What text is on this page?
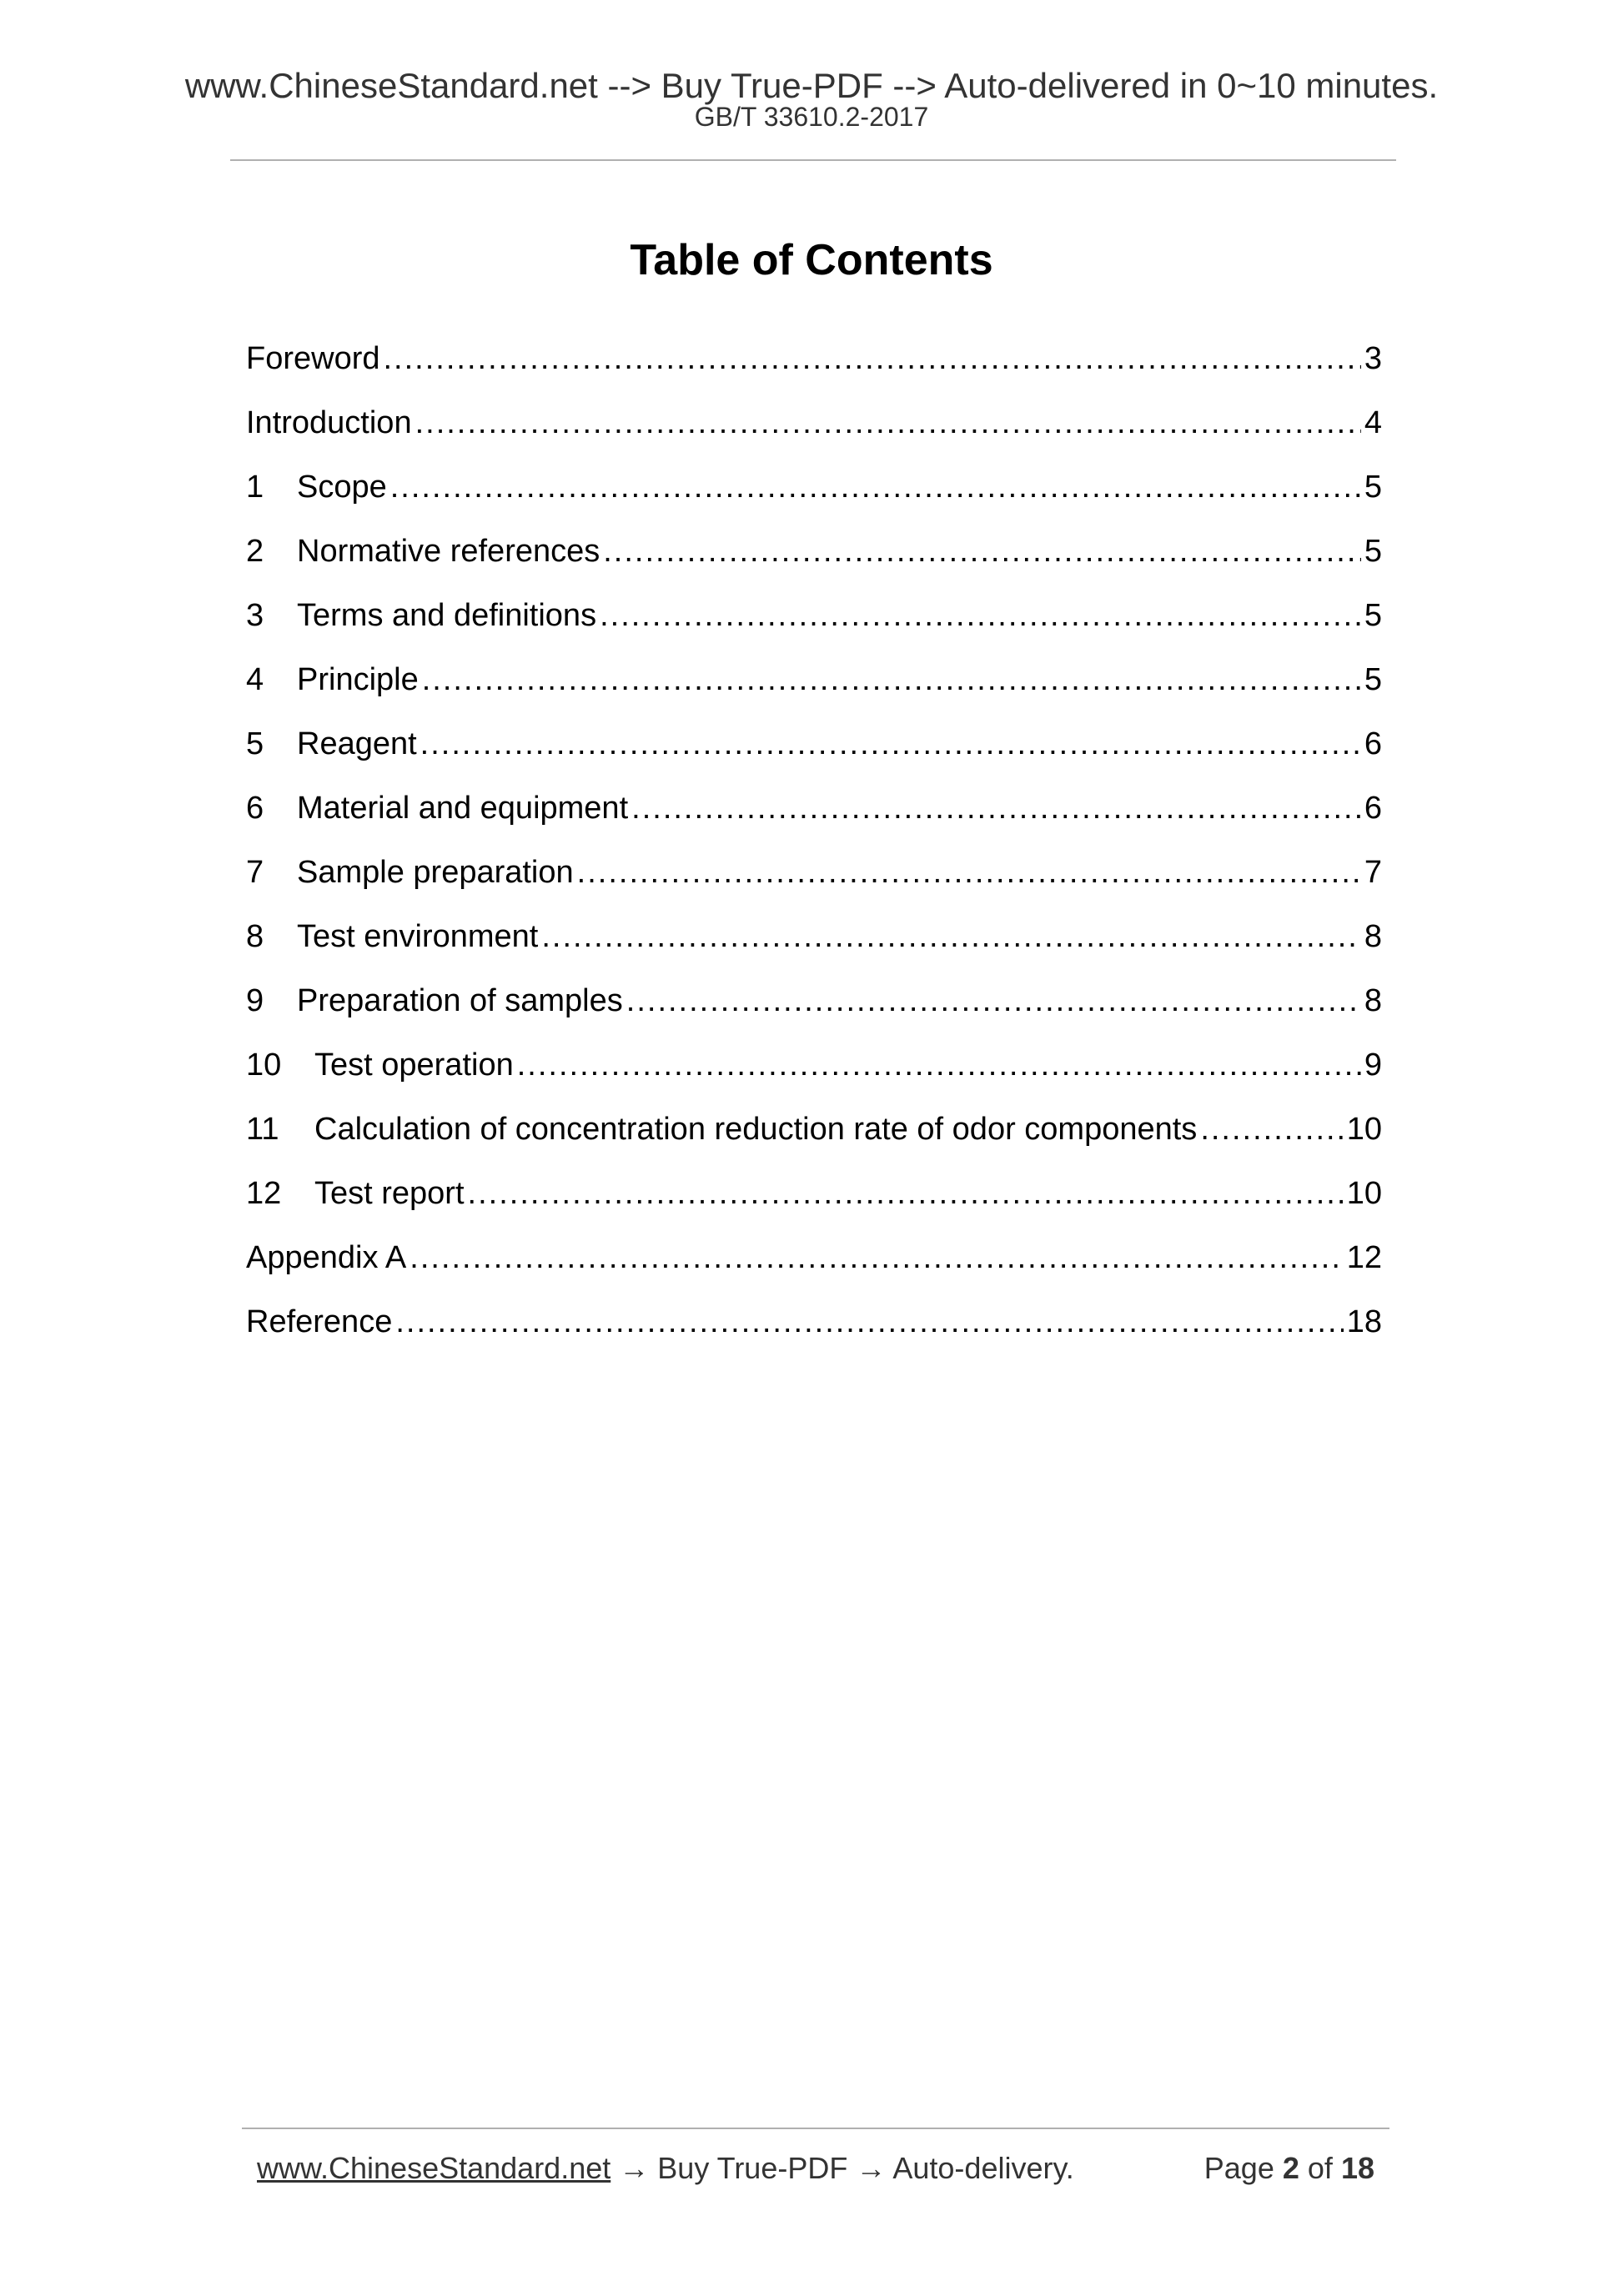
www.ChineseStandard.net --> Buy True-PDF --> Auto-delivered in 0~10 minutes.
GB/T 33610.2-2017
Table of Contents
Foreword .....	3
Introduction .....	4
1	Scope .....	5
2	Normative references .....	5
3	Terms and definitions .....	5
4	Principle .....	5
5	Reagent .....	6
6	Material and equipment .....	6
7	Sample preparation .....	7
8	Test environment .....	8
9	Preparation of samples .....	8
10	Test operation .....	9
11	Calculation of concentration reduction rate of odor components .....	10
12	Test report .....	10
Appendix A .....	12
Reference .....	18
www.ChineseStandard.net → Buy True-PDF → Auto-delivery.	Page 2 of 18
